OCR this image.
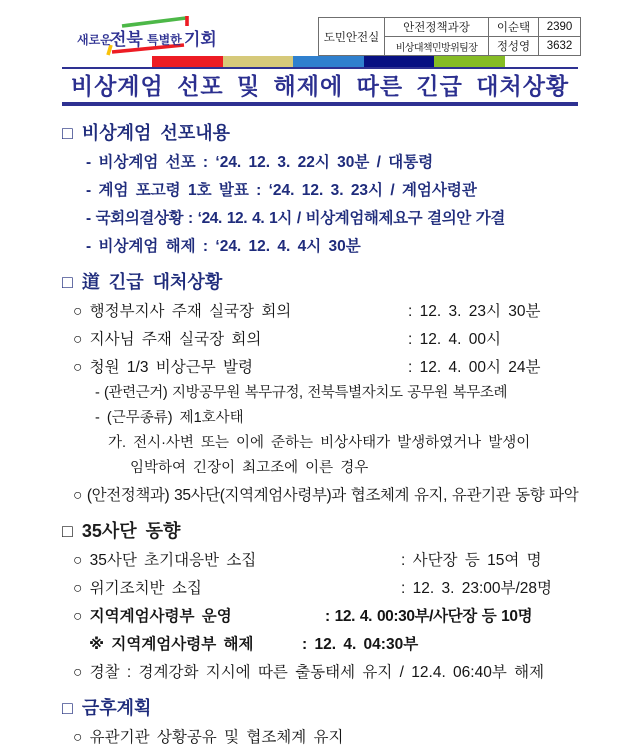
새로운
전북 특별한 기회	도민안전실	안전정책과장	이순택	2390
	비상대책민방위팀장	정성영	3632
비상계엄 선포 및 해제에 따른 긴급 대처상황
□ 비상계엄 선포내용
- 비상계엄 선포 : ‘24. 12. 3. 22시 30분 / 대통령
- 계엄 포고령 1호 발표 : ‘24. 12. 3. 23시 / 계엄사령관
- 국회의결상황 : ‘24. 12. 4. 1시 / 비상계엄해제요구 결의안 가결
- 비상계엄 해제 : ‘24. 12. 4. 4시 30분
□ 道 긴급 대처상황
○ 행정부지사 주재 실국장 회의	: 12. 3. 23시 30분
○ 지사님 주재 실국장 회의	: 12. 4. 00시
○ 청원 1/3 비상근무 발령	: 12. 4. 00시 24분
- (관련근거) 지방공무원 복무규정, 전북특별자치도 공무원 복무조례
- (근무종류) 제1호사태
가. 전시·사변 또는 이에 준하는 비상사태가 발생하였거나 발생이
임박하여 긴장이 최고조에 이른 경우
○ (안전정책과) 35사단(지역계엄사령부)과 협조체계 유지, 유관기관 동향 파악
□ 35사단 동향
○ 35사단 초기대응반 소집	: 사단장 등 15여 명
○ 위기조치반 소집	: 12. 3. 23:00부/28명
○ 지역계엄사령부 운영	: 12. 4. 00:30부/사단장 등 10명
※ 지역계엄사령부 해제	: 12. 4. 04:30부
○ 경찰 : 경계강화 지시에 따른 출동태세 유지 / 12.4. 06:40부 해제
□ 금후계획
○ 유관기관 상황공유 및 협조체계 유지
